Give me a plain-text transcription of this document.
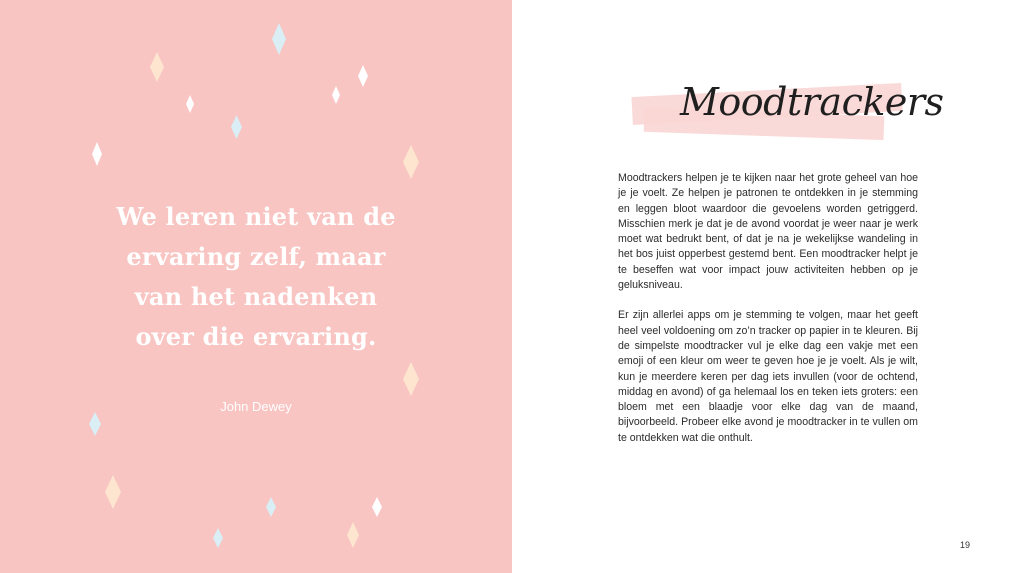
We leren niet van de
ervaring zelf, maar
van het nadenken
over die ervaring.
John Dewey
Moodtrackers

Moodtrackers helpen je te kijken naar het grote geheel van hoe je je voelt. Ze helpen je patronen te ontdekken in je stemming en leggen bloot waardoor die gevoelens worden getriggerd. Misschien merk je dat je de avond voordat je weer naar je werk moet wat bedrukt bent, of dat je na je wekelijkse wandeling in het bos juist opperbest gestemd bent. Een moodtracker helpt je te beseffen wat voor impact jouw activiteiten hebben op je geluksniveau.

Er zijn allerlei apps om je stemming te volgen, maar het geeft heel veel voldoening om zo’n tracker op papier in te kleuren. Bij de simpelste moodtracker vul je elke dag een vakje met een emoji of een kleur om weer te geven hoe je je voelt. Als je wilt, kun je meerdere keren per dag iets invullen (voor de ochtend, middag en avond) of ga helemaal los en teken iets groters: een bloem met een blaadje voor elke dag van de maand, bijvoorbeeld. Probeer elke avond je moodtracker in te vullen om te ontdekken wat die onthult.

19
